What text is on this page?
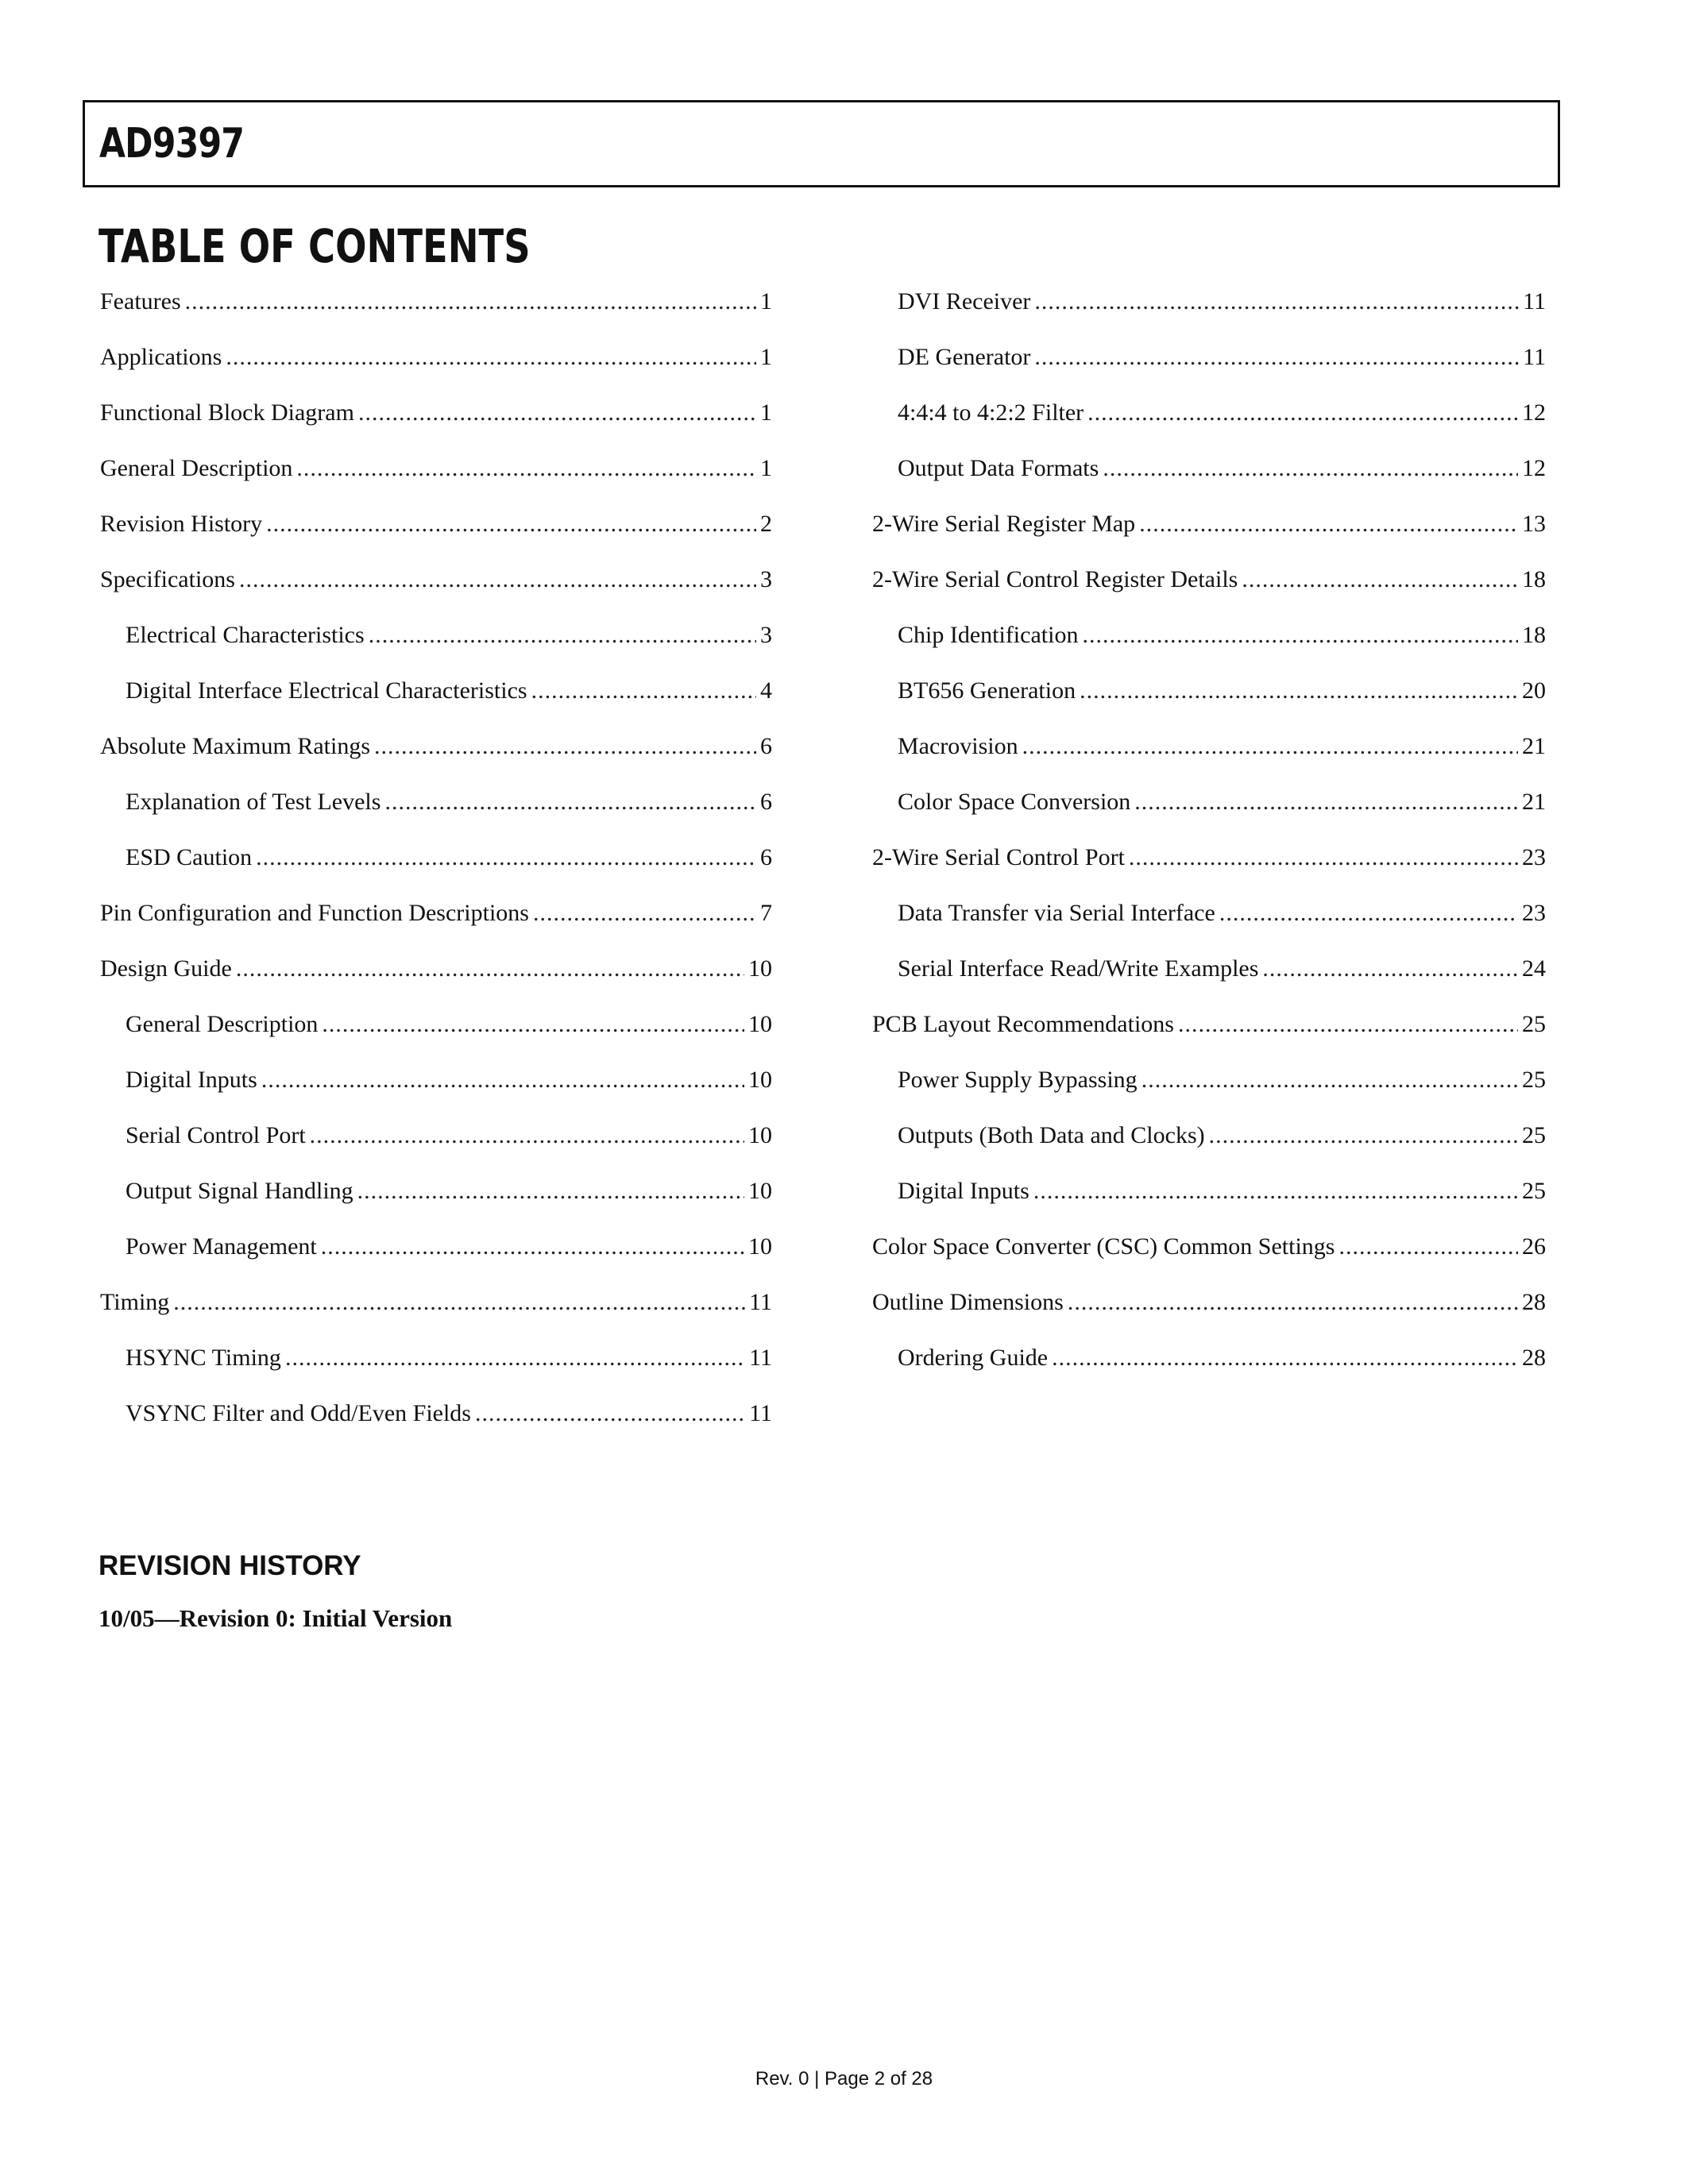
AD9397
TABLE OF CONTENTS
Features .....	1
Applications .....	1
Functional Block Diagram .....	1
General Description .....	1
Revision History .....	2
Specifications .....	3
Electrical Characteristics .....	3
Digital Interface Electrical Characteristics .....	4
Absolute Maximum Ratings .....	6
Explanation of Test Levels .....	6
ESD Caution .....	6
Pin Configuration and Function Descriptions .....	7
Design Guide .....	10
General Description .....	10
Digital Inputs .....	10
Serial Control Port .....	10
Output Signal Handling .....	10
Power Management .....	10
Timing .....	11
HSYNC Timing .....	11
VSYNC Filter and Odd/Even Fields .....	11
DVI Receiver .....	11
DE Generator .....	11
4:4:4 to 4:2:2 Filter .....	12
Output Data Formats .....	12
2-Wire Serial Register Map .....	13
2-Wire Serial Control Register Details .....	18
Chip Identification .....	18
BT656 Generation .....	20
Macrovision .....	21
Color Space Conversion .....	21
2-Wire Serial Control Port .....	23
Data Transfer via Serial Interface .....	23
Serial Interface Read/Write Examples .....	24
PCB Layout Recommendations .....	25
Power Supply Bypassing .....	25
Outputs (Both Data and Clocks) .....	25
Digital Inputs .....	25
Color Space Converter (CSC) Common Settings .....	26
Outline Dimensions .....	28
Ordering Guide .....	28
REVISION HISTORY

10/05—Revision 0: Initial Version

Rev. 0 | Page 2 of 28
